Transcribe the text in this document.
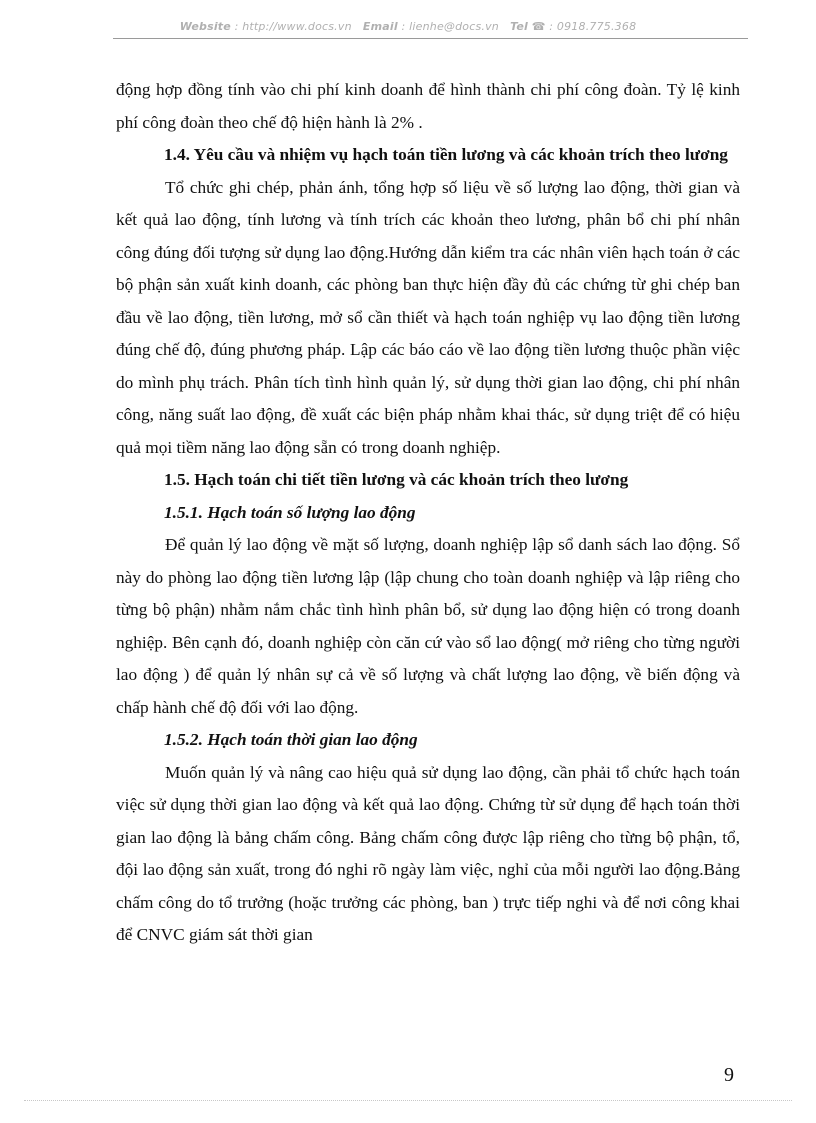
Website : http://www.docs.vn Email : lienhe@docs.vn Tel ☎ : 0918.775.368

động hợp đồng tính vào chi phí kinh doanh để hình thành chi phí công đoàn. Tỷ lệ kinh phí công đoàn theo chế độ hiện hành là 2% .

1.4. Yêu cầu và nhiệm vụ hạch toán tiền lương và các khoản trích theo lương

Tổ chức ghi chép, phản ánh, tổng hợp số liệu về số lượng lao động, thời gian và kết quả lao động, tính lương và tính trích các khoản theo lương, phân bổ chi phí nhân công đúng đối tượng sử dụng lao động.Hướng dẫn kiểm tra các nhân viên hạch toán ở các bộ phận sản xuất kinh doanh, các phòng ban thực hiện đầy đủ các chứng từ ghi chép ban đầu về lao động, tiền lương, mở sổ cần thiết và hạch toán nghiệp vụ lao động tiền lương đúng chế độ, đúng phương pháp. Lập các báo cáo về lao động tiền lương thuộc phần việc do mình phụ trách. Phân tích tình hình quản lý, sử dụng thời gian lao động, chi phí nhân công, năng suất lao động, đề xuất các biện pháp nhằm khai thác, sử dụng triệt để có hiệu quả mọi tiềm năng lao động sẵn có trong doanh nghiệp.

1.5. Hạch toán chi tiết tiền lương và các khoản trích theo lương

1.5.1. Hạch toán số lượng lao động

Để quản lý lao động về mặt số lượng, doanh nghiệp lập sổ danh sách lao động. Sổ này do phòng lao động tiền lương lập (lập chung cho toàn doanh nghiệp và lập riêng cho từng bộ phận) nhằm nắm chắc tình hình phân bổ, sử dụng lao động hiện có trong doanh nghiệp. Bên cạnh đó, doanh nghiệp còn căn cứ vào sổ lao động( mở riêng cho từng người lao động ) để quản lý nhân sự cả về số lượng và chất lượng lao động, về biến động và chấp hành chế độ đối với lao động.

1.5.2. Hạch toán thời gian lao động

Muốn quản lý và nâng cao hiệu quả sử dụng lao động, cần phải tổ chức hạch toán việc sử dụng thời gian lao động và kết quả lao động. Chứng từ sử dụng để hạch toán thời gian lao động là bảng chấm công. Bảng chấm công được lập riêng cho từng bộ phận, tổ, đội lao động sản xuất, trong đó nghi rõ ngày làm việc, nghỉ của mỗi người lao động.Bảng chấm công do tổ trưởng (hoặc trưởng các phòng, ban ) trực tiếp nghi và để nơi công khai để CNVC giám sát thời gian

9
